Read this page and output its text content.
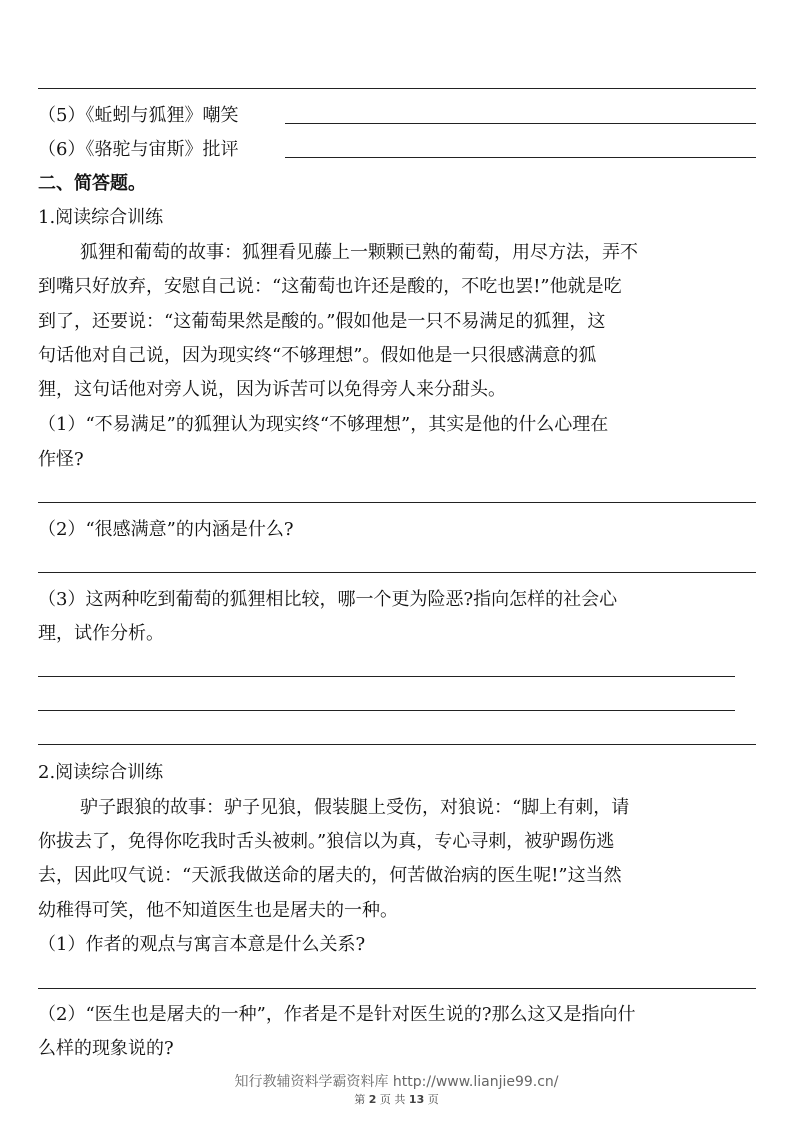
（5）《蚯蚓与狐狸》嘲笑
（6）《骆驼与宙斯》批评
二、简答题。
1.阅读综合训练
狐狸和葡萄的故事：狐狸看见藤上一颗颗已熟的葡萄，用尽方法，弄不
到嘴只好放弃，安慰自己说：“这葡萄也许还是酸的，不吃也罢!”他就是吃
到了，还要说：“这葡萄果然是酸的。”假如他是一只不易满足的狐狸，这
句话他对自己说，因为现实终“不够理想”。假如他是一只很感满意的狐
狸，这句话他对旁人说，因为诉苦可以免得旁人来分甜头。
（1）“不易满足”的狐狸认为现实终“不够理想”，其实是他的什么心理在
作怪?
（2）“很感满意”的内涵是什么?
（3）这两种吃到葡萄的狐狸相比较，哪一个更为险恶?指向怎样的社会心
理，试作分析。
2.阅读综合训练
驴子跟狼的故事：驴子见狼，假装腿上受伤，对狼说：“脚上有刺，请
你拔去了，免得你吃我时舌头被刺。”狼信以为真，专心寻刺，被驴踢伤逃
去，因此叹气说：“天派我做送命的屠夫的，何苦做治病的医生呢!”这当然
幼稚得可笑，他不知道医生也是屠夫的一种。
（1）作者的观点与寓言本意是什么关系?
（2）“医生也是屠夫的一种”，作者是不是针对医生说的?那么这又是指向什
么样的现象说的?
知行教辅资料学霸资料库 http://www.lianjie99.cn/
第 2 页 共 13 页
